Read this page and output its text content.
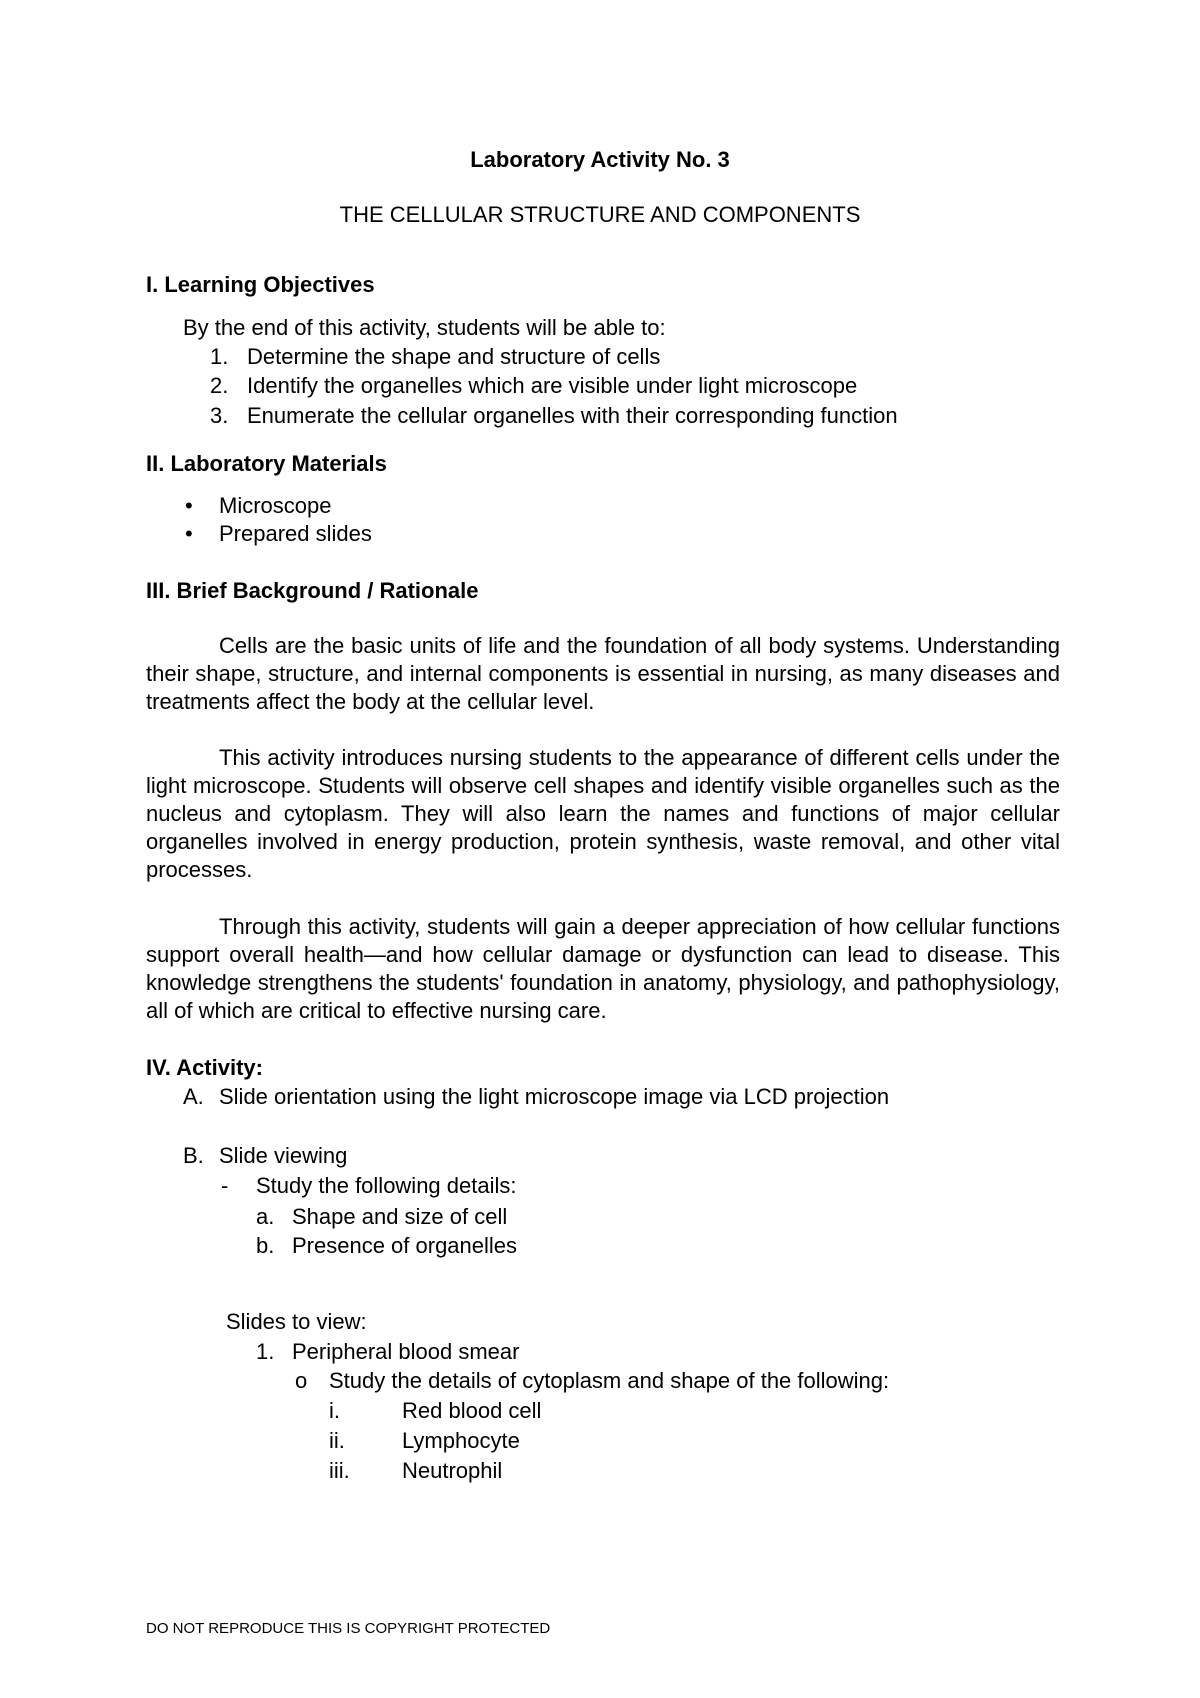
Laboratory Activity No. 3
THE CELLULAR STRUCTURE AND COMPONENTS
I. Learning Objectives
By the end of this activity, students will be able to:
1. Determine the shape and structure of cells
2. Identify the organelles which are visible under light microscope
3. Enumerate the cellular organelles with their corresponding function
II. Laboratory Materials
• Microscope
• Prepared slides
III. Brief Background / Rationale

Cells are the basic units of life and the foundation of all body systems. Understanding their shape, structure, and internal components is essential in nursing, as many diseases and treatments affect the body at the cellular level.

This activity introduces nursing students to the appearance of different cells under the light microscope. Students will observe cell shapes and identify visible organelles such as the nucleus and cytoplasm. They will also learn the names and functions of major cellular organelles involved in energy production, protein synthesis, waste removal, and other vital processes.

Through this activity, students will gain a deeper appreciation of how cellular functions support overall health—and how cellular damage or dysfunction can lead to disease. This knowledge strengthens the students' foundation in anatomy, physiology, and pathophysiology, all of which are critical to effective nursing care.

IV. Activity:
A. Slide orientation using the light microscope image via LCD projection
B. Slide viewing
- Study the following details:
a. Shape and size of cell
b. Presence of organelles
Slides to view:
1. Peripheral blood smear
o Study the details of cytoplasm and shape of the following:
i.	Red blood cell
ii.	Lymphocyte
iii. Neutrophil
DO NOT REPRODUCE THIS IS COPYRIGHT PROTECTED
